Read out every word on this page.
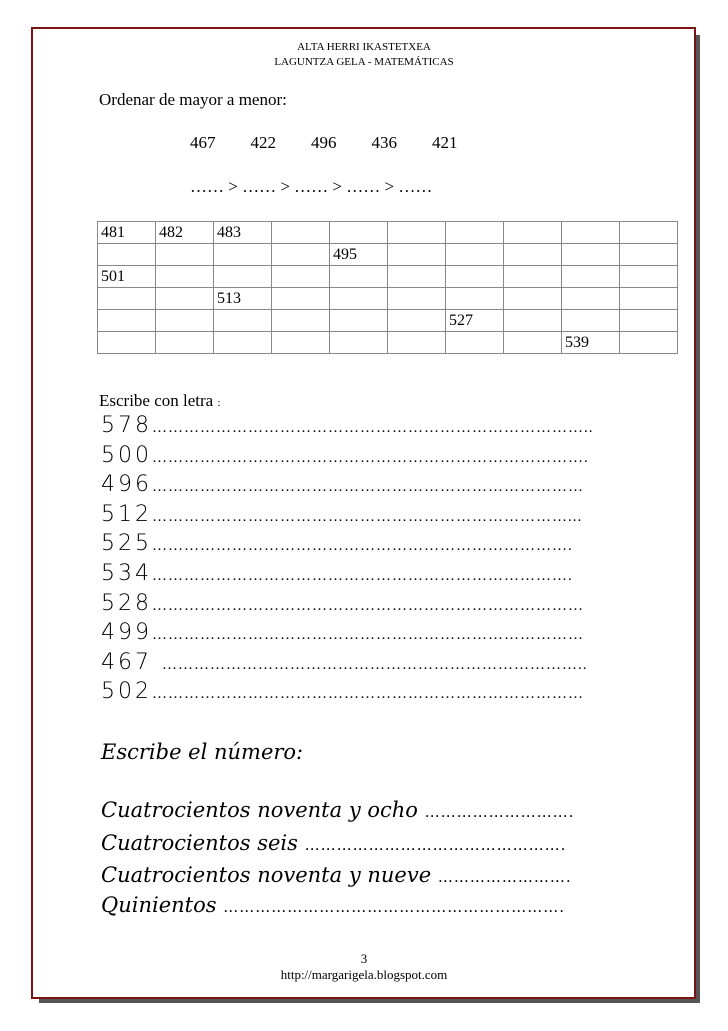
ALTA HERRI IKASTETXEA
LAGUNTZA GELA - MATEMÁTICAS
Ordenar de mayor a menor:
467 422 496 436 421
…… > …… > …… > …… > ……
481	482	483							
				495					
501									
		513							
						527			
								539	
Escribe con letra :
578………………………………………………………………………..
500……………………………………………………………………….
496………………………………………………………………………
512……………………………………………………………………...
525…………………………………………………………………….
534…………………………………………………………………….
528………………………………………………………………………
499………………………………………………………………………
467 ……………………………………………………………………..
502………………………………………………………………………
Escribe el número:
Cuatrocientos noventa y ocho ……………………….
Cuatrocientos seis ………………………………………….
Cuatrocientos noventa y nueve …………………….
Quinientos ……………………………………………………….
3
http://margarigela.blogspot.com
